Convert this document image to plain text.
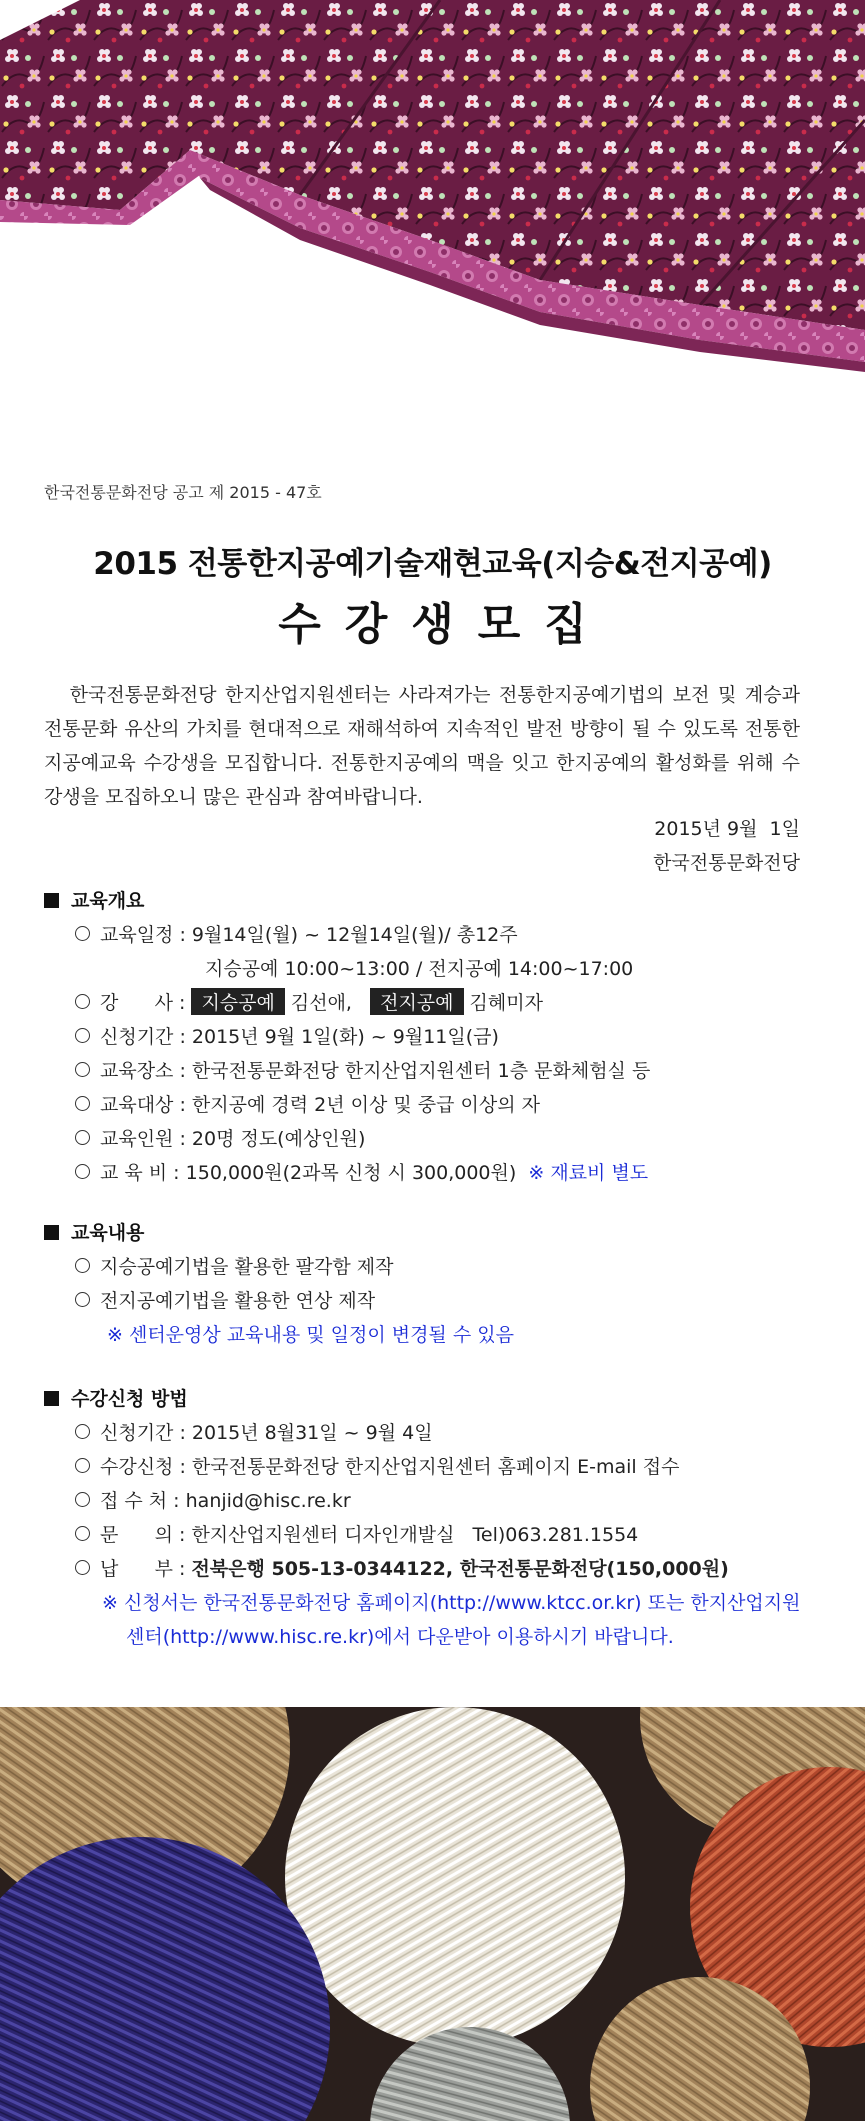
한국전통문화전당 공고 제 2015 - 47호
2015 전통한지공예기술재현교육(지승&전지공예)
수강생모집
한국전통문화전당 한지산업지원센터는 사라져가는 전통한지공예기법의 보전 및 계승과 전통문화 유산의 가치를 현대적으로 재해석하여 지속적인 발전 방향이 될 수 있도록 전통한지공예교육 수강생을 모집합니다. 전통한지공예의 맥을 잇고 한지공예의 활성화를 위해 수강생을 모집하오니 많은 관심과 참여바랍니다.
2015년 9월  1일
한국전통문화전당
교육개요
교육일정 : 9월14일(월) ~ 12월14일(월)/ 총12주
지승공예 10:00~13:00 / 전지공예 14:00~17:00
강      사 : 지승공예 김선애, 전지공예 김혜미자
신청기간 : 2015년 9월 1일(화) ~ 9월11일(금)
교육장소 : 한국전통문화전당 한지산업지원센터 1층 문화체험실 등
교육대상 : 한지공예 경력 2년 이상 및 중급 이상의 자
교육인원 : 20명 정도(예상인원)
교 육 비 : 150,000원(2과목 신청 시 300,000원) ※ 재료비 별도
교육내용
지승공예기법을 활용한 팔각함 제작
전지공예기법을 활용한 연상 제작
※ 센터운영상 교육내용 및 일정이 변경될 수 있음
수강신청 방법
신청기간 : 2015년 8월31일 ~ 9월 4일
수강신청 : 한국전통문화전당 한지산업지원센터 홈페이지 E-mail 접수
접 수 처 : hanjid@hisc.re.kr
문      의 : 한지산업지원센터 디자인개발실   Tel)063.281.1554
납      부 : 전북은행 505-13-0344122, 한국전통문화전당(150,000원)
※ 신청서는 한국전통문화전당 홈페이지(http://www.ktcc.or.kr) 또는 한지산업지원
센터(http://www.hisc.re.kr)에서 다운받아 이용하시기 바랍니다.
